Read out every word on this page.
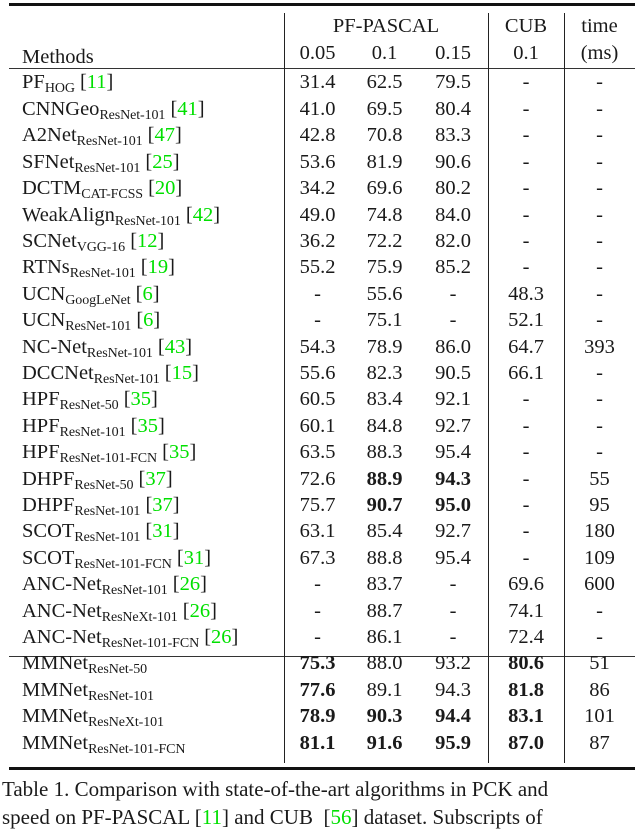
Methods	PF-PASCAL			CUB	time
	0.05	0.1	0.15	0.1	(ms)
PFHOG [11]	31.4	62.5	79.5	-	-
CNNGeoResNet-101 [41]	41.0	69.5	80.4	-	-
A2NetResNet-101 [47]	42.8	70.8	83.3	-	-
SFNetResNet-101 [25]	53.6	81.9	90.6	-	-
DCTMCAT-FCSS [20]	34.2	69.6	80.2	-	-
WeakAlignResNet-101 [42]	49.0	74.8	84.0	-	-
SCNetVGG-16 [12]	36.2	72.2	82.0	-	-
RTNsResNet-101 [19]	55.2	75.9	85.2	-	-
UCNGoogLeNet [6]	-	55.6	-	48.3	-
UCNResNet-101 [6]	-	75.1	-	52.1	-
NC-NetResNet-101 [43]	54.3	78.9	86.0	64.7	393
DCCNetResNet-101 [15]	55.6	82.3	90.5	66.1	-
HPFResNet-50 [35]	60.5	83.4	92.1	-	-
HPFResNet-101 [35]	60.1	84.8	92.7	-	-
HPFResNet-101-FCN [35]	63.5	88.3	95.4	-	-
DHPFResNet-50 [37]	72.6	88.9	94.3	-	55
DHPFResNet-101 [37]	75.7	90.7	95.0	-	95
SCOTResNet-101 [31]	63.1	85.4	92.7	-	180
SCOTResNet-101-FCN [31]	67.3	88.8	95.4	-	109
ANC-NetResNet-101 [26]	-	83.7	-	69.6	600
ANC-NetResNeXt-101 [26]	-	88.7	-	74.1	-
ANC-NetResNet-101-FCN [26]	-	86.1	-	72.4	-
MMNetResNet-50	75.3	88.0	93.2	80.6	51
MMNetResNet-101	77.6	89.1	94.3	81.8	86
MMNetResNeXt-101	78.9	90.3	94.4	83.1	101
MMNetResNet-101-FCN	81.1	91.6	95.9	87.0	87
Table 1. Comparison with state-of-the-art algorithms in PCK and
speed on PF-PASCAL [11] and CUB  [56] dataset. Subscripts of
